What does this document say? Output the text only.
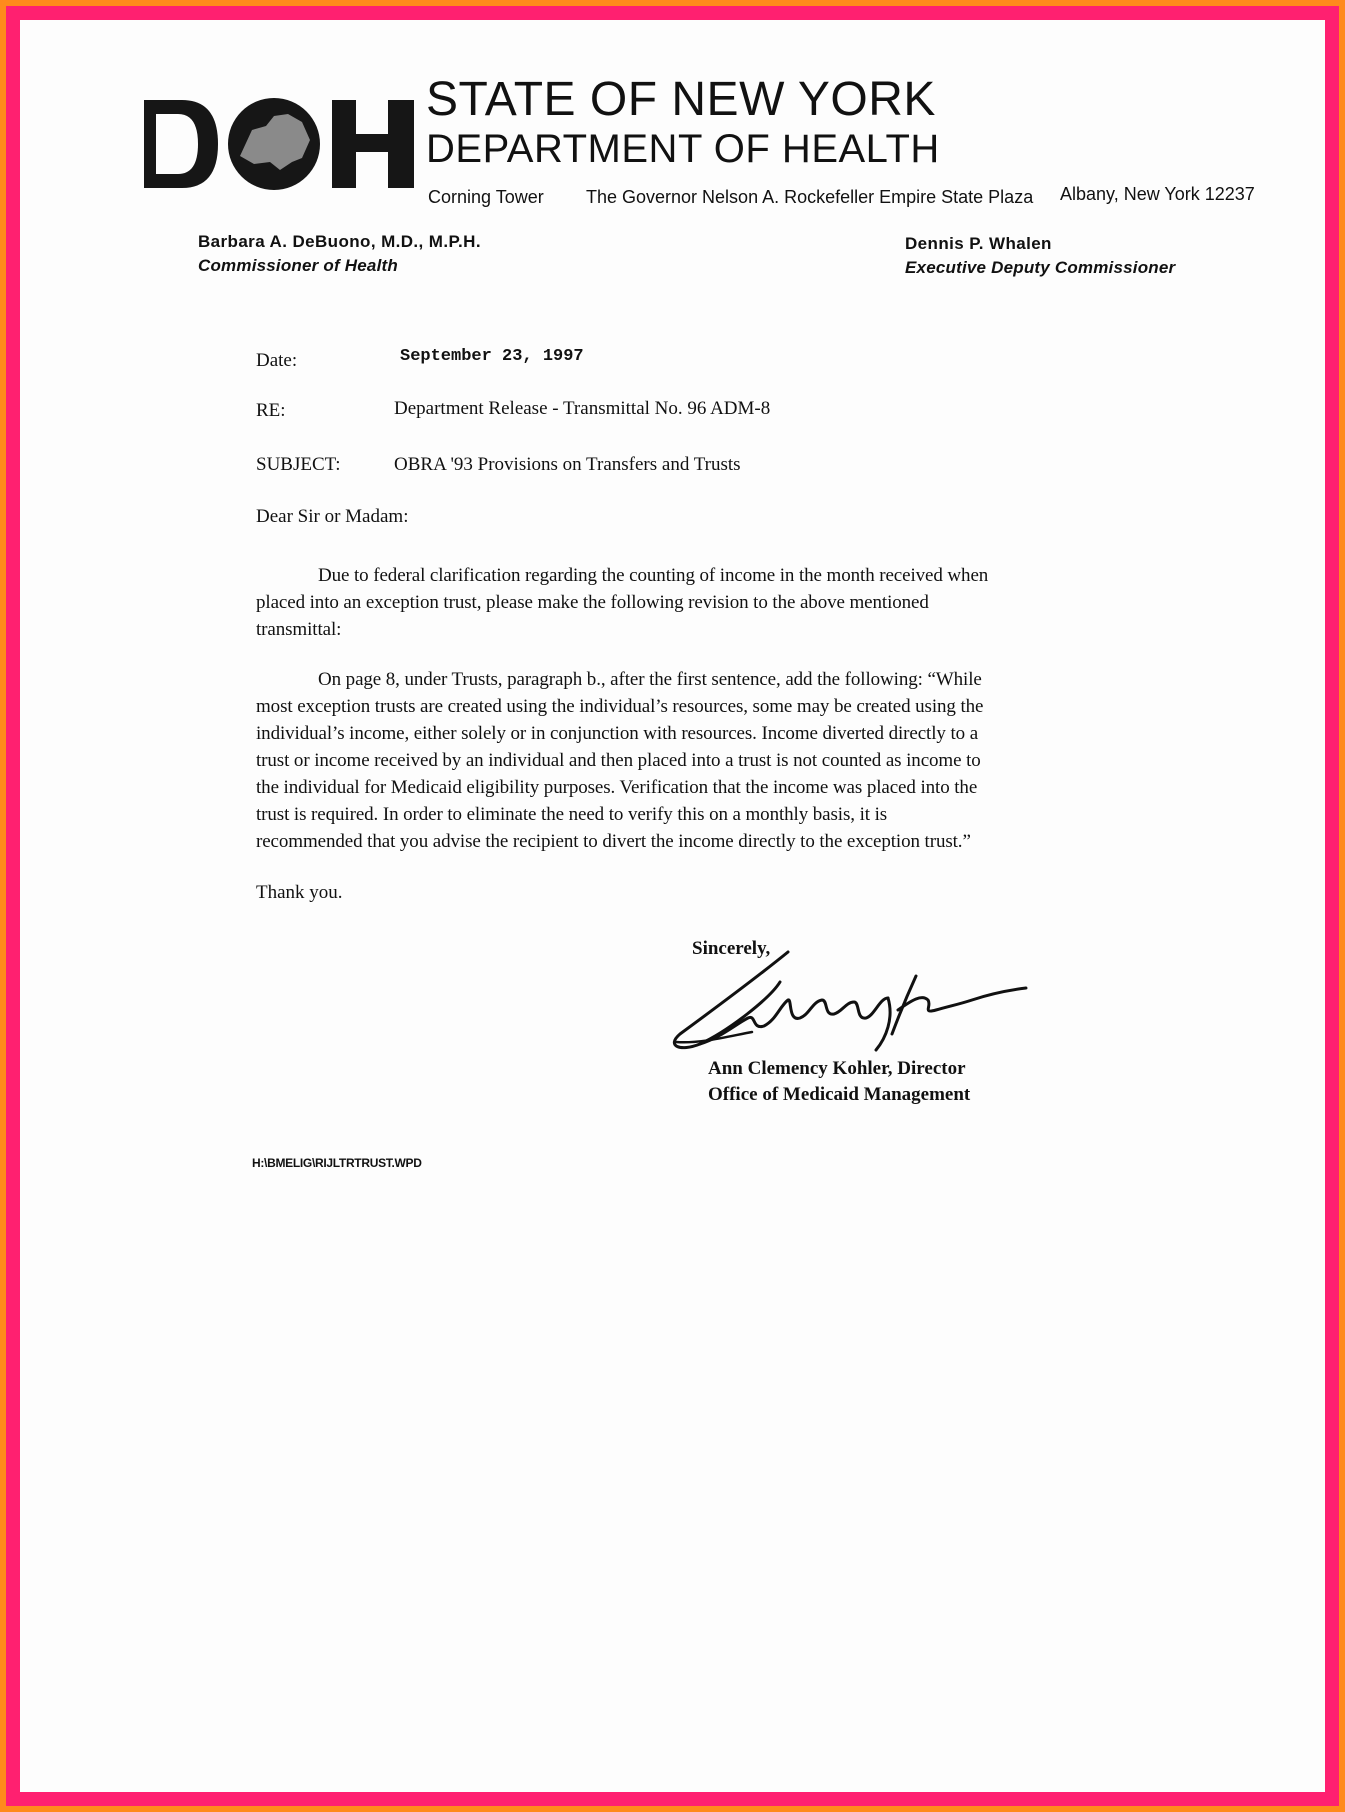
STATE OF NEW YORK
DEPARTMENT OF HEALTH
Corning Tower The Governor Nelson A. Rockefeller Empire State Plaza Albany, New York 12237
Barbara A. DeBuono, M.D., M.P.H.
Commissioner of Health
Dennis P. Whalen
Executive Deputy Commissioner
Date:	September 23, 1997
RE:	Department Release - Transmittal No. 96 ADM-8
SUBJECT:	OBRA '93 Provisions on Transfers and Trusts
Dear Sir or Madam:
Due to federal clarification regarding the counting of income in the month received when
placed into an exception trust, please make the following revision to the above mentioned
transmittal:
On page 8, under Trusts, paragraph b., after the first sentence, add the following: “While
most exception trusts are created using the individual’s resources, some may be created using the
individual’s income, either solely or in conjunction with resources. Income diverted directly to a
trust or income received by an individual and then placed into a trust is not counted as income to
the individual for Medicaid eligibility purposes. Verification that the income was placed into the
trust is required. In order to eliminate the need to verify this on a monthly basis, it is
recommended that you advise the recipient to divert the income directly to the exception trust.”
Thank you.
Sincerely,
Ann Clemency Kohler, Director
Office of Medicaid Management
H:\BMELIG\RIJLTRTRUST.WPD
